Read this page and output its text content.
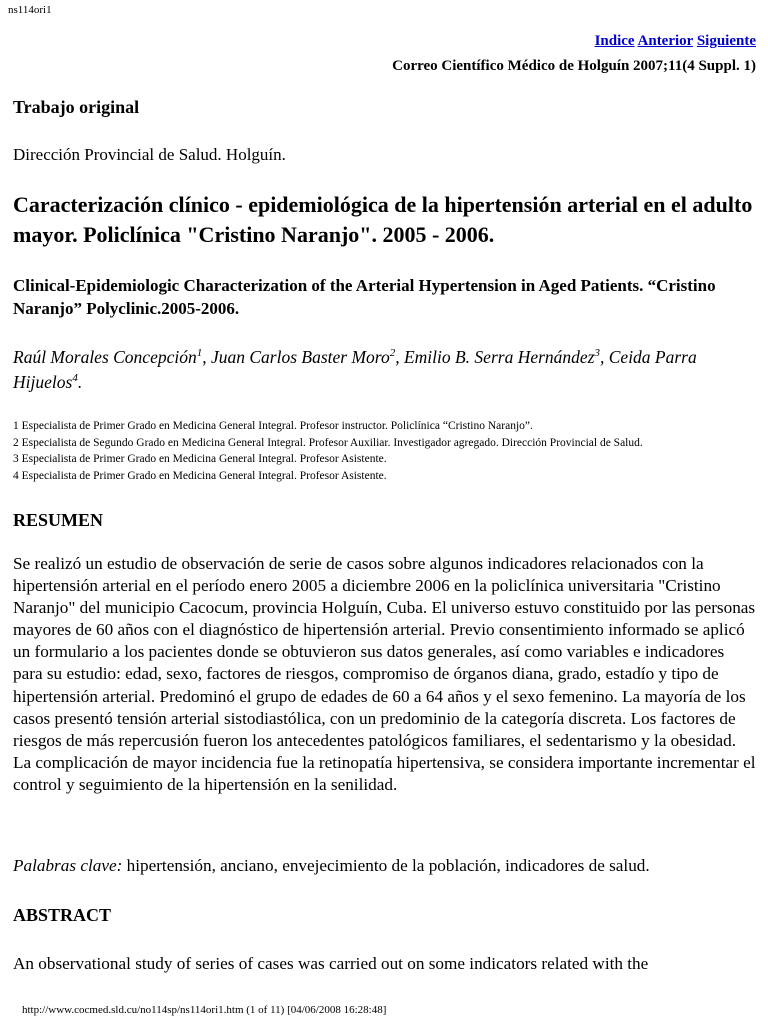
ns114ori1
Indice Anterior Siguiente
Correo Científico Médico de Holguín 2007;11(4 Suppl. 1)
Trabajo original
Dirección Provincial de Salud. Holguín.
Caracterización clínico - epidemiológica de la hipertensión arterial en el adulto mayor. Policlínica "Cristino Naranjo". 2005 - 2006.
Clinical-Epidemiologic Characterization of the Arterial Hypertension in Aged Patients. “Cristino Naranjo” Polyclinic.2005-2006.
Raúl Morales Concepción$^1$, Juan Carlos Baster Moro$^2$, Emilio B. Serra Hernández$^3$, Ceida Parra Hijuelos$^4$.
1 Especialista de Primer Grado en Medicina General Integral. Profesor instructor. Policlínica “Cristino Naranjo”.
2 Especialista de Segundo Grado en Medicina General Integral. Profesor Auxiliar. Investigador agregado. Dirección Provincial de Salud.
3 Especialista de Primer Grado en Medicina General Integral. Profesor Asistente.
4 Especialista de Primer Grado en Medicina General Integral. Profesor Asistente.
RESUMEN
Se realizó un estudio de observación de serie de casos sobre algunos indicadores relacionados con la hipertensión arterial en el período enero 2005 a diciembre 2006 en la policlínica universitaria "Cristino Naranjo" del municipio Cacocum, provincia Holguín, Cuba. El universo estuvo constituido por las personas mayores de 60 años con el diagnóstico de hipertensión arterial. Previo consentimiento informado se aplicó un formulario a los pacientes donde se obtuvieron sus datos generales, así como variables e indicadores para su estudio: edad, sexo, factores de riesgos, compromiso de órganos diana, grado, estadío y tipo de hipertensión arterial. Predominó el grupo de edades de 60 a 64 años y el sexo femenino. La mayoría de los casos presentó tensión arterial sistodiastólica, con un predominio de la categoría discreta. Los factores de riesgos de más repercusión fueron los antecedentes patológicos familiares, el sedentarismo y la obesidad. La complicación de mayor incidencia fue la retinopatía hipertensiva, se considera importante incrementar el control y seguimiento de la hipertensión en la senilidad.
Palabras clave: hipertensión, anciano, envejecimiento de la población, indicadores de salud.
ABSTRACT
An observational study of series of cases was carried out on some indicators related with the
http://www.cocmed.sld.cu/no114sp/ns114ori1.htm (1 of 11) [04/06/2008 16:28:48]
